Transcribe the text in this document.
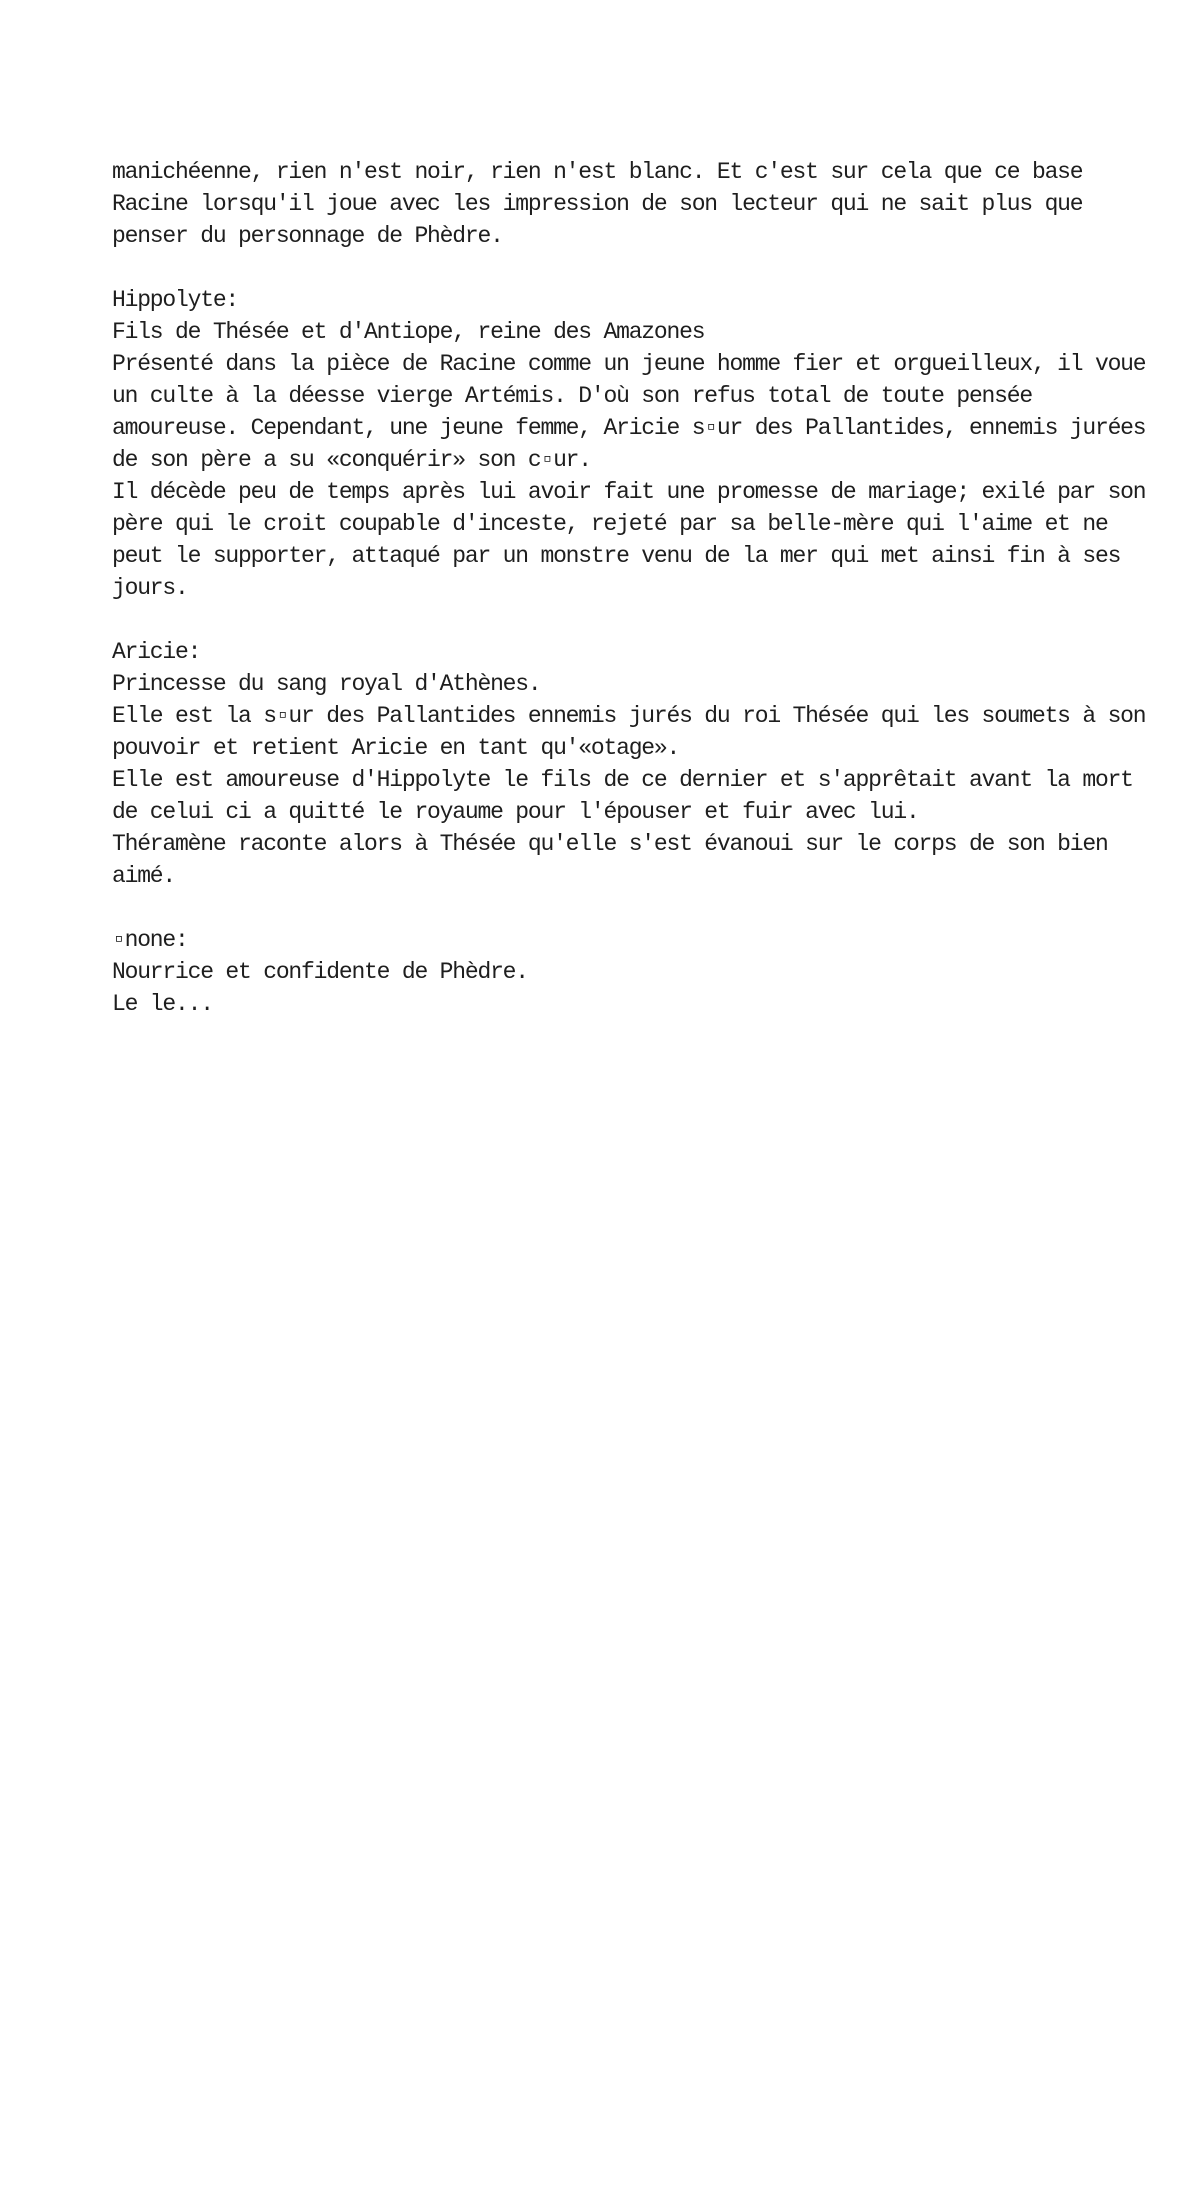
manichéenne, rien n'est noir, rien n'est blanc. Et c'est sur cela que ce base
Racine lorsqu'il joue avec les impression de son lecteur qui ne sait plus que
penser du personnage de Phèdre.
Hippolyte:
Fils de Thésée et d'Antiope, reine des Amazones
Présenté dans la pièce de Racine comme un jeune homme fier et orgueilleux, il voue
un culte à la déesse vierge Artémis. D'où son refus total de toute pensée
amoureuse. Cependant, une jeune femme, Aricie s▫ur des Pallantides, ennemis jurées
de son père a su «conquérir» son c▫ur.
Il décède peu de temps après lui avoir fait une promesse de mariage; exilé par son
père qui le croit coupable d'inceste, rejeté par sa belle-mère qui l'aime et ne
peut le supporter, attaqué par un monstre venu de la mer qui met ainsi fin à ses
jours.
Aricie:
Princesse du sang royal d'Athènes.
Elle est la s▫ur des Pallantides ennemis jurés du roi Thésée qui les soumets à son
pouvoir et retient Aricie en tant qu'«otage».
Elle est amoureuse d'Hippolyte le fils de ce dernier et s'apprêtait avant la mort
de celui ci a quitté le royaume pour l'épouser et fuir avec lui.
Théramène raconte alors à Thésée qu'elle s'est évanoui sur le corps de son bien
aimé.
▫none:
Nourrice et confidente de Phèdre.
Le le...
